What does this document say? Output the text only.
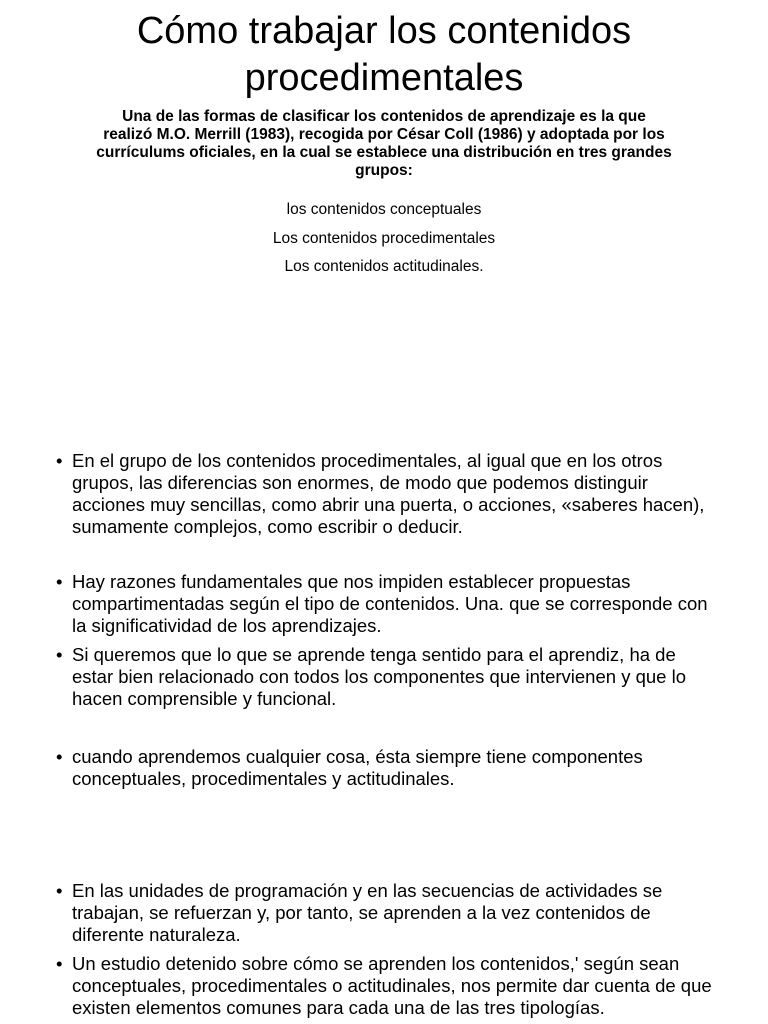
Cómo trabajar los contenidos procedimentales

Una de las formas de clasificar los contenidos de aprendizaje es la que realizó M.O. Merrill (1983), recogida por César Coll (1986) y adoptada por los currículums oficiales, en la cual se establece una distribución en tres grandes grupos:

los contenidos conceptuales
Los contenidos procedimentales
Los contenidos actitudinales.
• En el grupo de los contenidos procedimentales, al igual que en los otros grupos, las diferencias son enormes, de modo que podemos distinguir acciones muy sencillas, como abrir una puerta, o acciones, «saberes hacen), sumamente complejos, como escribir o deducir.
• Hay razones fundamentales que nos impiden establecer propuestas compartimentadas según el tipo de contenidos. Una. que se corresponde con la significatividad de los aprendizajes.
• Si queremos que lo que se aprende tenga sentido para el aprendiz, ha de estar bien relacionado con todos los componentes que intervienen y que lo hacen comprensible y funcional.
• cuando aprendemos cualquier cosa, ésta siempre tiene componentes conceptuales, procedimentales y actitudinales.
• En las unidades de programación y en las secuencias de actividades se trabajan, se refuerzan y, por tanto, se aprenden a la vez contenidos de diferente naturaleza.
• Un estudio detenido sobre cómo se aprenden los contenidos,' según sean conceptuales, procedimentales o actitudinales, nos permite dar cuenta de que existen elementos comunes para cada una de las tres tipologías.
